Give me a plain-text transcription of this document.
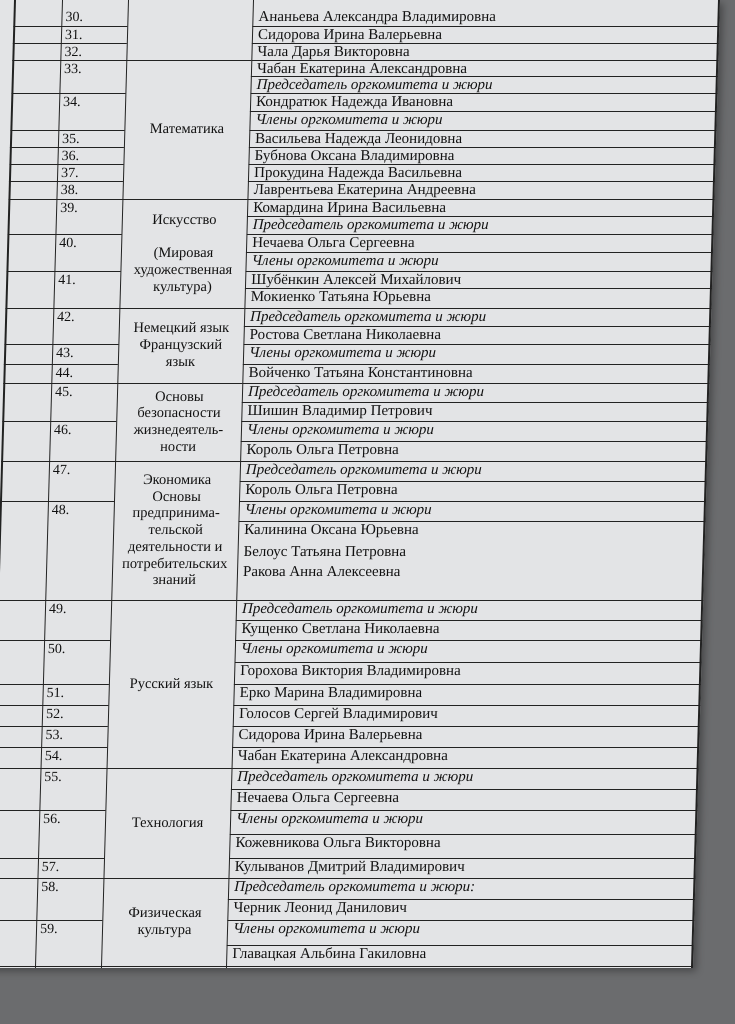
30.
31.
32.
33.
34.
35.
36.
37.
38.
39.
40.
41.
42.
43.
44.
45.
46.
47.
48.
49.
50.
51.
52.
53.
54.
55.
56.
57.
58.
59.
Математика
Искусство

(Мировая
художественная
культура)
Немецкий язык
Французский
язык
Основы
безопасности
жизнедеятель-
ности
Экономика
Основы
предпринима-
тельской
деятельности и
потребительских
знаний
Русский язык
Технология
Физическая
культура
Ананьева Александра Владимировна
Сидорова Ирина Валерьевна
Чала Дарья Викторовна
Чабан Екатерина Александровна
Председатель оргкомитета и жюри
Кондратюк Надежда Ивановна
Члены оргкомитета и жюри
Васильева Надежда Леонидовна
Бубнова Оксана Владимировна
Прокудина Надежда Васильевна
Лаврентьева Екатерина Андреевна
Комардина Ирина Васильевна
Председатель оргкомитета и жюри
Нечаева Ольга Сергеевна
Члены оргкомитета и жюри
Шубёнкин Алексей Михайлович
Мокиенко Татьяна Юрьевна
Председатель оргкомитета и жюри
Ростова Светлана Николаевна
Члены оргкомитета и жюри
Войченко Татьяна Константиновна
Председатель оргкомитета и жюри
Шишин Владимир Петрович
Члены оргкомитета и жюри
Король Ольга Петровна
Председатель оргкомитета и жюри
Король Ольга Петровна
Члены оргкомитета и жюри
Калинина Оксана Юрьевна
Белоус Татьяна Петровна
Ракова Анна Алексеевна
Председатель оргкомитета и жюри
Кущенко Светлана Николаевна
Члены оргкомитета и жюри
Горохова Виктория Владимировна
Ерко Марина Владимировна
Голосов Сергей Владимирович
Сидорова Ирина Валерьевна
Чабан Екатерина Александровна
Председатель оргкомитета и жюри
Нечаева Ольга Сергеевна
Члены оргкомитета и жюри
Кожевникова Ольга Викторовна
Кулыванов Дмитрий Владимирович
Председатель оргкомитета и жюри:
Черник Леонид Данилович
Члены оргкомитета и жюри
Главацкая Альбина Гакиловна
